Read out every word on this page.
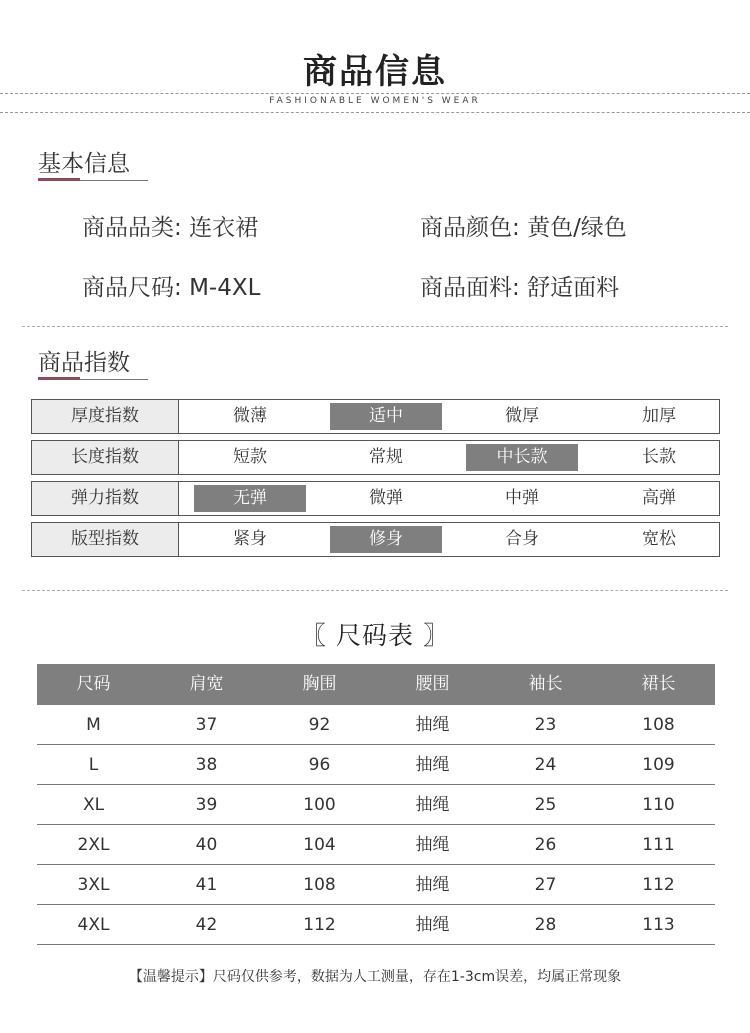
商品信息
FASHIONABLE WOMEN'S WEAR
基本信息
商品品类: 连衣裙	商品颜色: 黄色/绿色
商品尺码: M-4XL	商品面料: 舒适面料
商品指数
厚度指数	微薄	适中	微厚	加厚
长度指数	短款	常规	中长款	长款
弹力指数	无弹	微弹	中弹	高弹
版型指数	紧身	修身	合身	宽松
〖 尺码表 〗
尺码	肩宽	胸围	腰围	袖长	裙长
M	37	92	抽绳	23	108
L	38	96	抽绳	24	109
XL	39	100	抽绳	25	110
2XL	40	104	抽绳	26	111
3XL	41	108	抽绳	27	112
4XL	42	112	抽绳	28	113
【温馨提示】尺码仅供参考，数据为人工测量，存在1-3cm误差，均属正常现象
